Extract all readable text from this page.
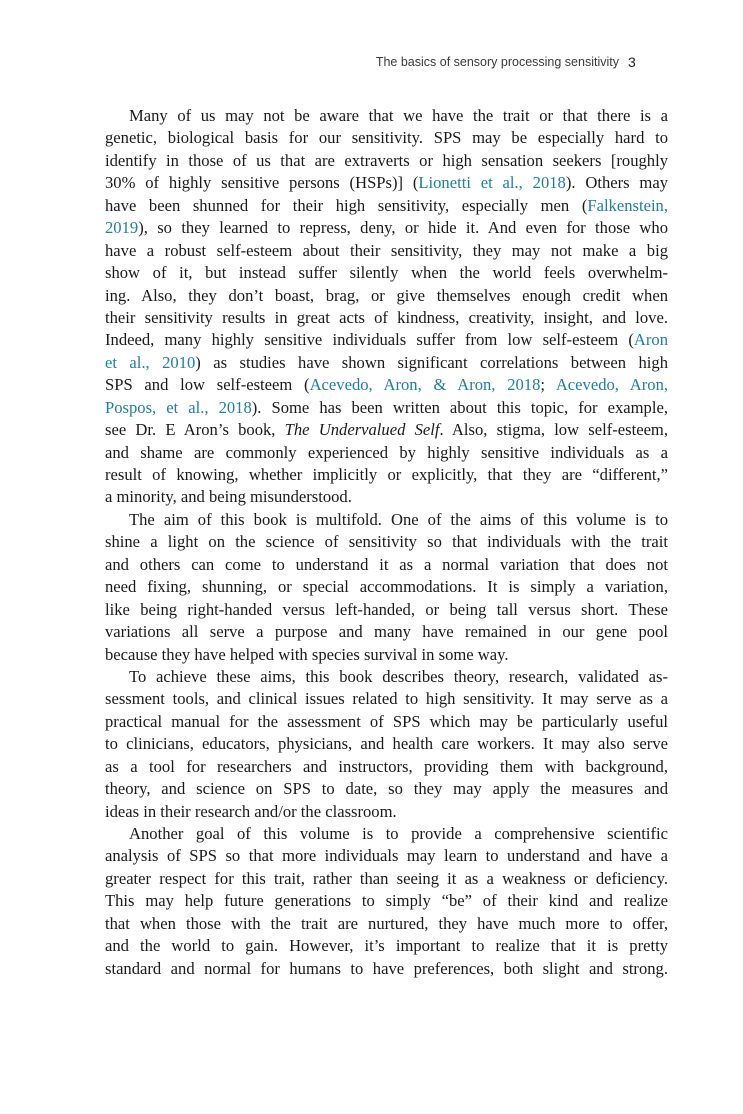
The basics of sensory processing sensitivity 3
Many of us may not be aware that we have the trait or that there is a
genetic, biological basis for our sensitivity. SPS may be especially hard to
identify in those of us that are extraverts or high sensation seekers [roughly
30% of highly sensitive persons (HSPs)] (Lionetti et al., 2018). Others may
have been shunned for their high sensitivity, especially men (Falkenstein,
2019), so they learned to repress, deny, or hide it. And even for those who
have a robust self-esteem about their sensitivity, they may not make a big
show of it, but instead suffer silently when the world feels overwhelm-
ing. Also, they don’t boast, brag, or give themselves enough credit when
their sensitivity results in great acts of kindness, creativity, insight, and love.
Indeed, many highly sensitive individuals suffer from low self-esteem (Aron
et al., 2010) as studies have shown significant correlations between high
SPS and low self-esteem (Acevedo, Aron, & Aron, 2018; Acevedo, Aron,
Pospos, et al., 2018). Some has been written about this topic, for example,
see Dr. E Aron’s book, The Undervalued Self. Also, stigma, low self-esteem,
and shame are commonly experienced by highly sensitive individuals as a
result of knowing, whether implicitly or explicitly, that they are “different,”
a minority, and being misunderstood.
The aim of this book is multifold. One of the aims of this volume is to
shine a light on the science of sensitivity so that individuals with the trait
and others can come to understand it as a normal variation that does not
need fixing, shunning, or special accommodations. It is simply a variation,
like being right-handed versus left-handed, or being tall versus short. These
variations all serve a purpose and many have remained in our gene pool
because they have helped with species survival in some way.
To achieve these aims, this book describes theory, research, validated as-
sessment tools, and clinical issues related to high sensitivity. It may serve as a
practical manual for the assessment of SPS which may be particularly useful
to clinicians, educators, physicians, and health care workers. It may also serve
as a tool for researchers and instructors, providing them with background,
theory, and science on SPS to date, so they may apply the measures and
ideas in their research and/or the classroom.
Another goal of this volume is to provide a comprehensive scientific
analysis of SPS so that more individuals may learn to understand and have a
greater respect for this trait, rather than seeing it as a weakness or deficiency.
This may help future generations to simply “be” of their kind and realize
that when those with the trait are nurtured, they have much more to offer,
and the world to gain. However, it’s important to realize that it is pretty
standard and normal for humans to have preferences, both slight and strong.
